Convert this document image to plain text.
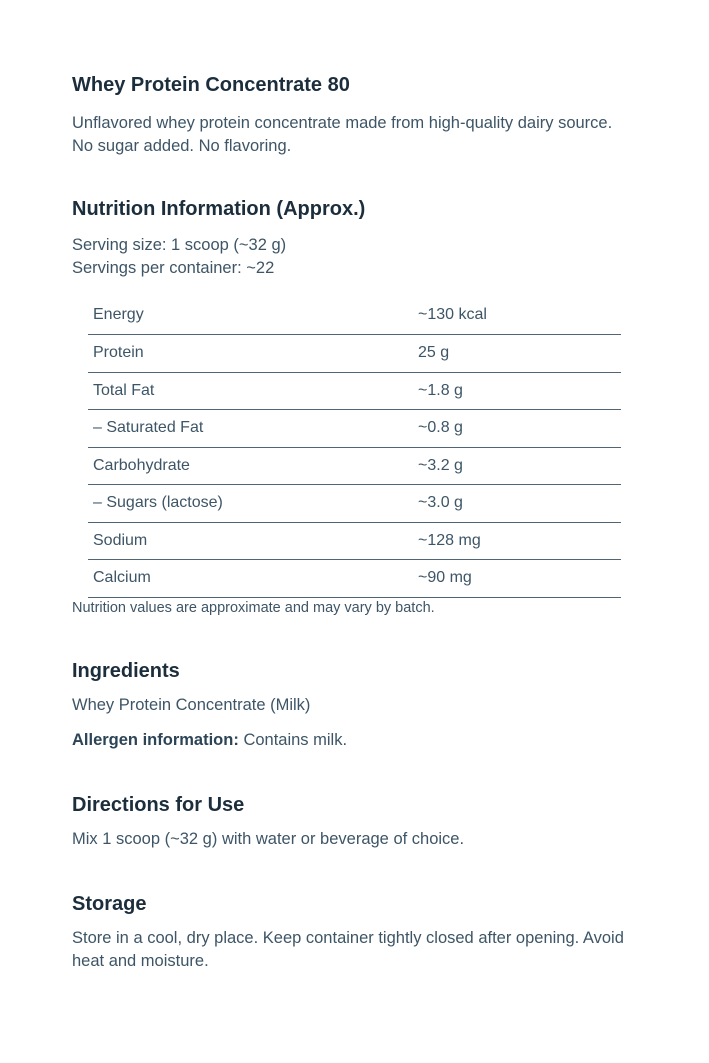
Whey Protein Concentrate 80

Unflavored whey protein concentrate made from high-quality dairy source. No sugar added. No flavoring.

Nutrition Information (Approx.)

Serving size: 1 scoop (~32 g)

Servings per container: ~22

Energy	~130 kcal
Protein	25 g
Total Fat	~1.8 g
– Saturated Fat	~0.8 g
Carbohydrate	~3.2 g
– Sugars (lactose)	~3.0 g
Sodium	~128 mg
Calcium	~90 mg

Nutrition values are approximate and may vary by batch.

Ingredients

Whey Protein Concentrate (Milk)

Allergen information: Contains milk.

Directions for Use

Mix 1 scoop (~32 g) with water or beverage of choice.

Storage

Store in a cool, dry place. Keep container tightly closed after opening. Avoid heat and moisture.
